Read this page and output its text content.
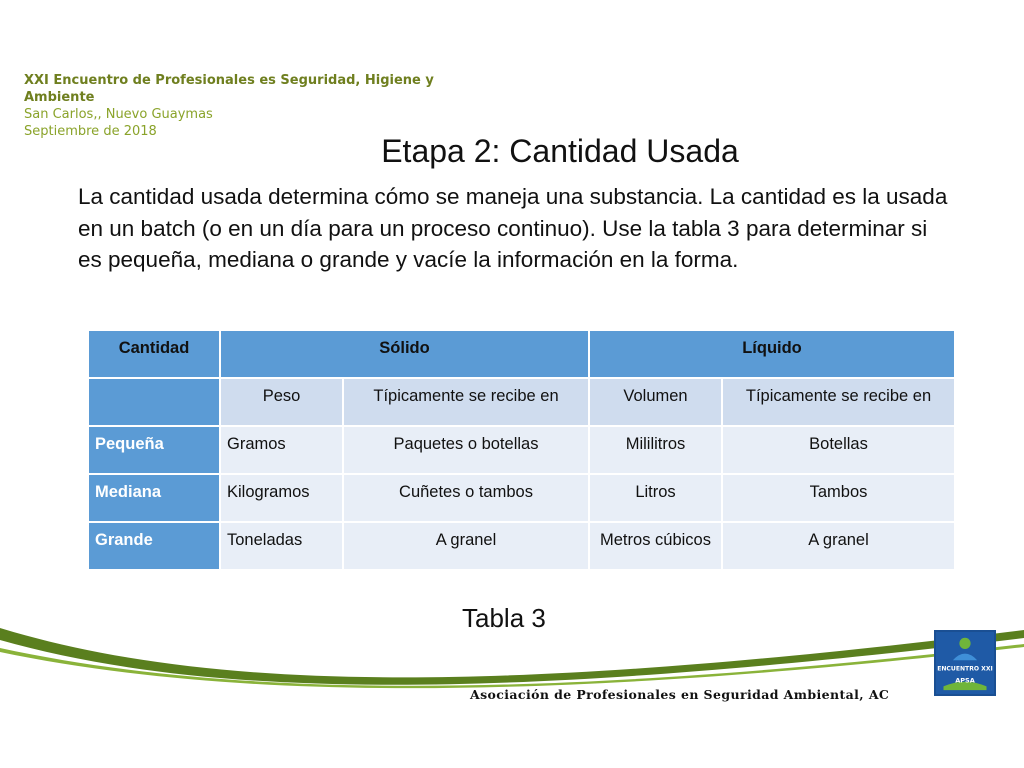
XXI Encuentro de Profesionales es Seguridad, Higiene y
Ambiente
San Carlos,, Nuevo Guaymas
Septiembre de 2018
Etapa 2: Cantidad Usada
La cantidad usada determina cómo se maneja una substancia. La cantidad es la usada en un batch (o en un día para un proceso continuo). Use la tabla 3 para determinar si es pequeña, mediana o grande y vacíe la información en la forma.
Cantidad	Sólido		Líquido	
	Peso	Típicamente se recibe en	Volumen	Típicamente se recibe en
Pequeña	Gramos	Paquetes o botellas	Mililitros	Botellas
Mediana	Kilogramos	Cuñetes o tambos	Litros	Tambos
Grande	Toneladas	A granel	Metros cúbicos	A granel
Tabla 3
Asociación de Profesionales en Seguridad Ambiental, AC
ENCUENTRO XXI
APSA
